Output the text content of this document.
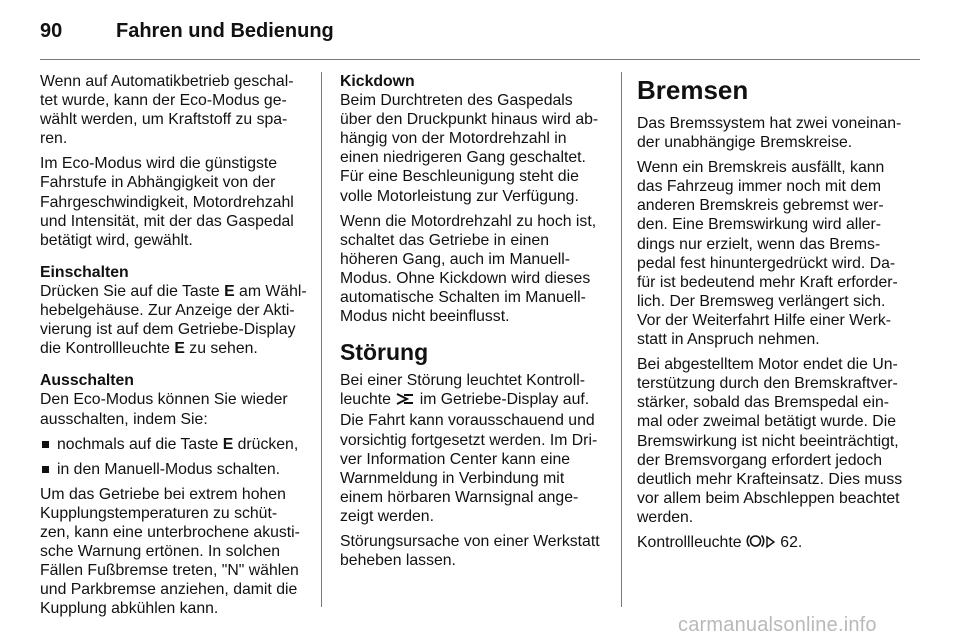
90	Fahren und Bedienung

Wenn auf Automatikbetrieb geschal- tet wurde, kann der Eco-Modus ge- wählt werden, um Kraftstoff zu spa- ren.

Im Eco-Modus wird die günstigste Fahrstufe in Abhängigkeit von der Fahrgeschwindigkeit, Motordrehzahl und Intensität, mit der das Gaspedal betätigt wird, gewählt.

Einschalten

Drücken Sie auf die Taste E am Wähl- hebelgehäuse. Zur Anzeige der Akti- vierung ist auf dem Getriebe-Display die Kontrollleuchte E zu sehen.

Ausschalten

Den Eco-Modus können Sie wieder ausschalten, indem Sie:

nochmals auf die Taste E drücken,
in den Manuell-Modus schalten.

Um das Getriebe bei extrem hohen Kupplungstemperaturen zu schüt- zen, kann eine unterbrochene akusti- sche Warnung ertönen. In solchen Fällen Fußbremse treten, "N" wählen und Parkbremse anziehen, damit die Kupplung abkühlen kann.

Kickdown

Beim Durchtreten des Gaspedals über den Druckpunkt hinaus wird ab- hängig von der Motordrehzahl in einen niedrigeren Gang geschaltet. Für eine Beschleunigung steht die volle Motorleistung zur Verfügung.

Wenn die Motordrehzahl zu hoch ist, schaltet das Getriebe in einen höheren Gang, auch im Manuell- Modus. Ohne Kickdown wird dieses automatische Schalten im Manuell- Modus nicht beeinflusst.

Störung

Bei einer Störung leuchtet Kontroll- leuchte  im Getriebe-Display auf. Die Fahrt kann vorausschauend und vorsichtig fortgesetzt werden. Im Dri- ver Information Center kann eine Warnmeldung in Verbindung mit einem hörbaren Warnsignal ange- zeigt werden.

Störungsursache von einer Werkstatt beheben lassen.

Bremsen

Das Bremssystem hat zwei voneinan- der unabhängige Bremskreise.

Wenn ein Bremskreis ausfällt, kann das Fahrzeug immer noch mit dem anderen Bremskreis gebremst wer- den. Eine Bremswirkung wird aller- dings nur erzielt, wenn das Brems- pedal fest hinuntergedrückt wird. Da- für ist bedeutend mehr Kraft erforder- lich. Der Bremsweg verlängert sich. Vor der Weiterfahrt Hilfe einer Werk- statt in Anspruch nehmen.

Bei abgestelltem Motor endet die Un- terstützung durch den Bremskraftver- stärker, sobald das Bremspedal ein- mal oder zweimal betätigt wurde. Die Bremswirkung ist nicht beeinträchtigt, der Bremsvorgang erfordert jedoch deutlich mehr Krafteinsatz. Dies muss vor allem beim Abschleppen beachtet werden.

Kontrollleuchte  62.

carmanualsonline.info
